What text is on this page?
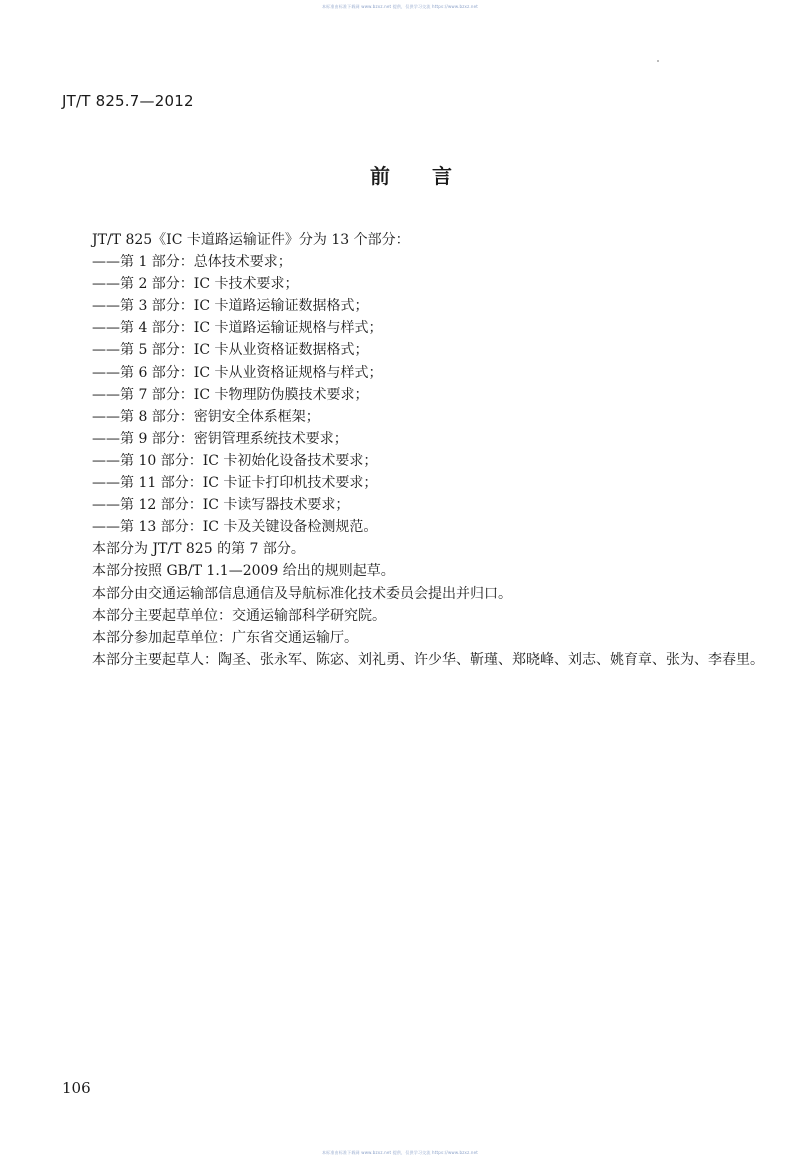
本标准由标准下载网 www.bzxz.net 提供，仅供学习交流 https://www.bzxz.net
JT/T 825.7—2012
前言

JT/T 825《IC 卡道路运输证件》分为 13 个部分：

——第 1 部分：总体技术要求；

——第 2 部分：IC 卡技术要求；

——第 3 部分：IC 卡道路运输证数据格式；

——第 4 部分：IC 卡道路运输证规格与样式；

——第 5 部分：IC 卡从业资格证数据格式；

——第 6 部分：IC 卡从业资格证规格与样式；

——第 7 部分：IC 卡物理防伪膜技术要求；

——第 8 部分：密钥安全体系框架；

——第 9 部分：密钥管理系统技术要求；

——第 10 部分：IC 卡初始化设备技术要求；

——第 11 部分：IC 卡证卡打印机技术要求；

——第 12 部分：IC 卡读写器技术要求；

——第 13 部分：IC 卡及关键设备检测规范。

本部分为 JT/T 825 的第 7 部分。

本部分按照 GB/T 1.1—2009 给出的规则起草。

本部分由交通运输部信息通信及导航标准化技术委员会提出并归口。

本部分主要起草单位：交通运输部科学研究院。

本部分参加起草单位：广东省交通运输厅。

本部分主要起草人：陶圣、张永军、陈宓、刘礼勇、许少华、靳瑾、郑晓峰、刘志、姚育章、张为、李春里。

106
本标准由标准下载网 www.bzxz.net 提供，仅供学习交流 https://www.bzxz.net
